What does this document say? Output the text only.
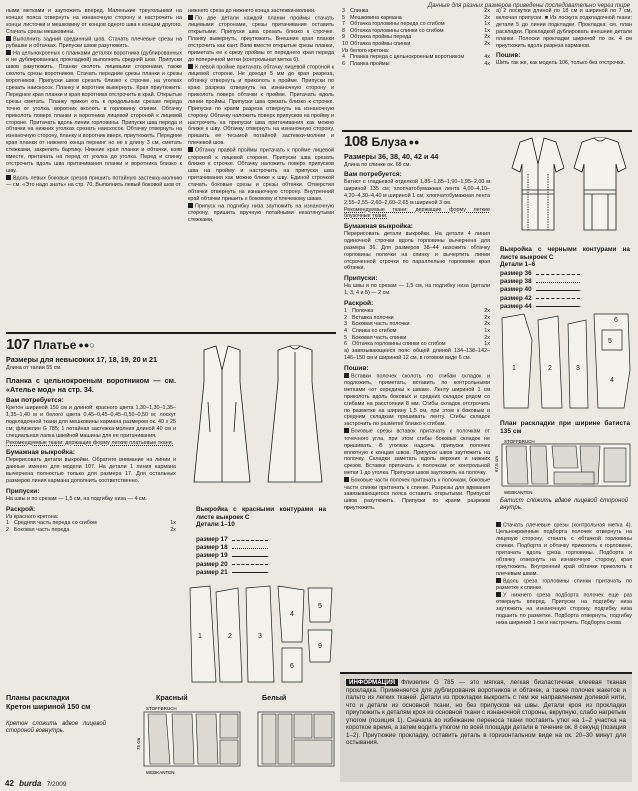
Данные для разных размеров приведены последовательно через тире

ными метками и заутюжить вперед. Маленькие треугольники на концах пояса отвернуть на изнаночную сторону и настрочить на концы листочки и мешковину от концов одного шва к концам другого. Стачать срезы мешковины.

Выполнить задний срединный шов. Стачать плечевые срезы на рубашке и обтачках. Припуски швов разутюжить.

На цельнокроеных с планками деталях воротника (дублированных и не дублированных прокладкой) выполнить средний шов. Припуски швов разутюжить. Планки сколоть лицевыми сторонами, также сколоть срезы воротников. Стачать передние срезы планки и срезы воротников. Припуски швов срезать близко к строчке, на уголках срезать наискосок. Планку и воротник вывернуть. Края приутюжить. Переднее края планки и края воротника отстрочить в край. Открытые срезы сметать. Планку прикол оть к продольным срезам переда точно от уголка, воротник вколоть в горловину спинки. Обтачку приколоть поверх планки и воротника лицевой стороной к лицевой стороне. Притачать вдоль линии горловины. Припуски шва переда и обтачки на нижних уголках срезать наискосок. Обтачку отвернуть на изнаночную сторону, планку и воротник вверх, приутюжить. Передние края планки от нижнего конца пернинг но не к длину 3 см, сметать стежками, закрепить бартику. Нижние края планки и обтачки, взяв вместе, притачать на перед от уголка до уголка. Перед и спинку отстрочить вдоль шва притачивания планки и воротника близко к шву.

Вдоль левых боковых срезов пришить потайную застежку-молнию — см. «Это надо знать» на стр. 70. Выполнить левый боковой шов от

нижнего среза до нижнего конца застежки-молнии.

По две детали каждой планки проймы стачать лицевыми сторонами, срезы притачивания оставить открытыми. Припуски шва срезать близко к строчке. Планку вывернуть, приутюжить. Внешние края планки отстрочить как кант. Взяв вместе открытые срезы планки, приметать ее к срезу проймы от переднего края переда до поперечной метки (контрольная метка 6).

К левой пройме притачать обтачку лицевой стороной к лицевой стороне. Не доходя 5 мм до края разреза, обтачку отвернуть и приколоть к пройме. Припуски по краю разреза отвернуть на изнаночную сторону и приколоть поверх обтачки к пройме. Притачать вдоль линии проймы. Припуски шва срезать близко к строчке. Припуски по краям разреза отвернуть на изнаночную сторону. Обтачку наложить поверх припусков на пройму и настрочить на припуски шва притачивания как можно ближе к шву. Обтачку отвернуть на изнаночную сторону, пришить ее тесьмой потайной застежки-молнии и плечевой шов.

Обтачку правой проймы притачать к пройме лицевой стороной к лицевой стороне. Припуски шва срезать близко к строчке. Обтачку наложить поверх припусков шва на пройму и настрочить на припуски шва притачивания как можно ближе к шву. Единой строчкой стачать боковые срезы и срезы обтачки. Отверстия обтачки отвернуть на изнаночную сторону. Внутренний край обтачки пришить к боковому и плечевому швам.

Припуск на подгибку низа заутюжить на изнаночную сторону, пришить вручную потайными незатянутыми стежками.

3 Спинка	2x
5 Мешковина кармана	2x
7 Обтачка горловины переда со сгибом	1x
8 Обтачка горловины спинки со сгибом	1x
9 Обтачка проймы переда	2x
10 Обтачка проймы спинки	2x
Из белого кретона:
4 Планка переда с цельнокроеным воротником	4x
6 Планка проймы	4x

a) 2 лоскутки длиной по 18 см и шириной по 7 см, включая припуски. ■ Из лоскута подкладочной ткани: детали 5 до линии подкладки. Прокладка: см. план раскладки. Прокладкой дублировать внешние детали планки. Полоски прокладки шириной по ок. 4 см приутюжить вдоль разреза карманов.

Пошив:

Шить так же, как модель 106, только без отстрочки.

108 Блуза ●●
Размеры 36, 38, 40, 42 и 44
Длина по спинке ок. 68 см.
Вам потребуется:

Батист с гладьевой отделкой 1,85–1,85–1,90–1,95–2,00 м шириной 135 см; хлопчатобумажная лента 4,00–4,10–4,20–4,30–4,40 м шириной 1 см; хлопчатобумажная лента 2,55–2,55–2,60–2,60–2,65 м шириной 3 см.

Рекомендуемые ткани: держащие форму легкие блузочные ткани.

Бумажная выкройка:

Перерисовать детали выкройки. На детали 4 линия одиночной строчки вдоль горловины вычерчена для размера 36. Для размеров 38–44 нахожить обтачку горловины полочки на спинку и вычертить линии отсроченной строчки по параллельно горловине края обтачки.

Припуски:

На швы и по срезам — 1,5 см, на подгибку низа (детали 1, 3, 4 и 5) — 2 см.

Раскрой:
1 Полочка	2x
2 Вставка полочки	2x
3 Боковая часть полочки	2x
4 Спинка со сгибом	1x
5 Боковая часть спинки	2x
6 Обтачка горловины спинки со сгибом	1x

а) завязывающееся пояс общей длиной 134–138–142–146–150 см и шириной 12 см, в готовом виде 6 см.

Пошив:

Вставки полочек сколоть по сгибам складок и подложить, приметать, вставить по контрольными метками «от середины к швам». Ленту шириной 1 см приколоть вдоль боковых и средних складок рядом со сгибами на расстоянии 8 мм. Сгибы складок отстрочить по разметке на ширину 1,5 см, при этом к боковым и средним складкам пришивать ленту. Сгибы складок застрочить по разметке близко к сгибам.

Боковые срезы вставок притачать к полочкам от точечного угла, при этом сгибы боковых складок не пришивать. В уголках надсечь припуски полочек вплотную к концам швов. Припуски швов заутюжить на полочку. Складки заметать вдоль верхних и нижних срезов. Вставки притачать к полочкам от контрольной метки 1 до уголка. Припуски швов заутюжить на полочку.

Боковые части полочек притачать к полочкам, боковые части спинки притачать к спинке. Разрезы для вдевания завязывающегося пояса оставить открытыми. Припуски швов разутюжить. Припуски по краям разрезов приутюжить.

Выкройка с черными контурами на листе выкроек С
Детали 1–6
размер 36
размер 38
размер 40
размер 42
размер 44
1	2	3
4
5
6
План раскладки при ширине батиста 135 см
STOFFBRUCH
WEBKANTEN
67,5 cm
Батист сложить вдвое лицевой стороной внутрь.

Стачать плечевые срезы (контрольная метка 4). Цельнокроенные подбортa полочек отвернуть на лицевую сторону, стачать с обтачкой горловины спинки. Подборта и обтачку приколоть к горловине, притачать вдоль среза горловины. Подборта и обтачку отвернуть на изнаночную сторону, края приутюжить. Внутренний край обтачки приколоть к плечевым швам.

Вдоль среза горловины спинки притачать по разметке к спинке.

У нижнего среза подборта полочек еще раз отвернуть вперед. Припуски на подгибку низа заутюжить на изнаночную сторону, подгибку низа подшить по разметке. Подборта отвернуть, подгибку низа шириной 1 см и настрочить. Подборта снова

107 Платье ●●○
Размеры для невысоких 17, 18, 19, 20 и 21
Длина от талии 55 см.
Планка с цельнокроеным воротником — см. «Ателье мод» на стр. 34.
Вам потребуется:

Кретон шириной 150 см и длиной: красного цвета 1,30–1,30–1,35–1,35–1,40 м и белого цвета 0,45–0,45–0,45–0,50–0,50 м; лоскут подкладочной ткани для мешковины кармана размером ок. 40 x 25 см; флизелин G 785; 1 потайная застежка-молния длиной 40 см и специальная лапка швейной машины для ее притачивания.

Рекомендуемые ткани: держащие форму легкие платьевые ткани.

Бумажная выкройка:

Перерисовать детали выкройки. Обратите внимание на линии и данные именно для модели 107. На детали 1 линия кармана вычерчена полностью только для размера 17. Для остальных размеров линия кармана дополнить соответственно.

Припуски:

На швы и по срезам — 1,5 см, на подгибку низа — 4 см.

Раскрой:
Из красного кретона:
1 Средняя часть переда со сгибом	1x
2 Боковая часть переда	2x
Выкройка с красными контурами на листе выкроек С
Детали 1–10
размер 17
размер 18
размер 19
размер 20
размер 21
1	2	3
4
5
9
6
Планы раскладки
Кретон шириной 150 см
Кретон сложить вдвое лицевой стороной вовнутрь.
Красный	Белый
STOFFBRUCH
WEBKANTEN
75 cm
ИНФОРМАЦИЯ Флизелин G 785 — это мягкая, легкая бизластичная клеевая тканая прокладка. Применяется для дублирования воротников и обтачек, а также полочек жакетов и пальто из легких тканей. Детали из прокладки выкроить с тем же направлением долевой нити, что и детали из основной ткани, но без припусков на швы. Детали кроя из прокладки приутюжить к деталям кроя из основной ткани с изнаночной стороны, вкрупную, слабо нагретым утюгом (позиция 1). Сначала во избежание переноса ткани поставить утюг на 1–2 участка на короткое время, а затем водить утюгом по всей площади детали в течение ок. 8 секунд (позиция 1–2). Приутюжие прокладку, оставить деталь в горизонтальном виде на ок. 20–30 минут для остывания.
42 burda 7/2009
